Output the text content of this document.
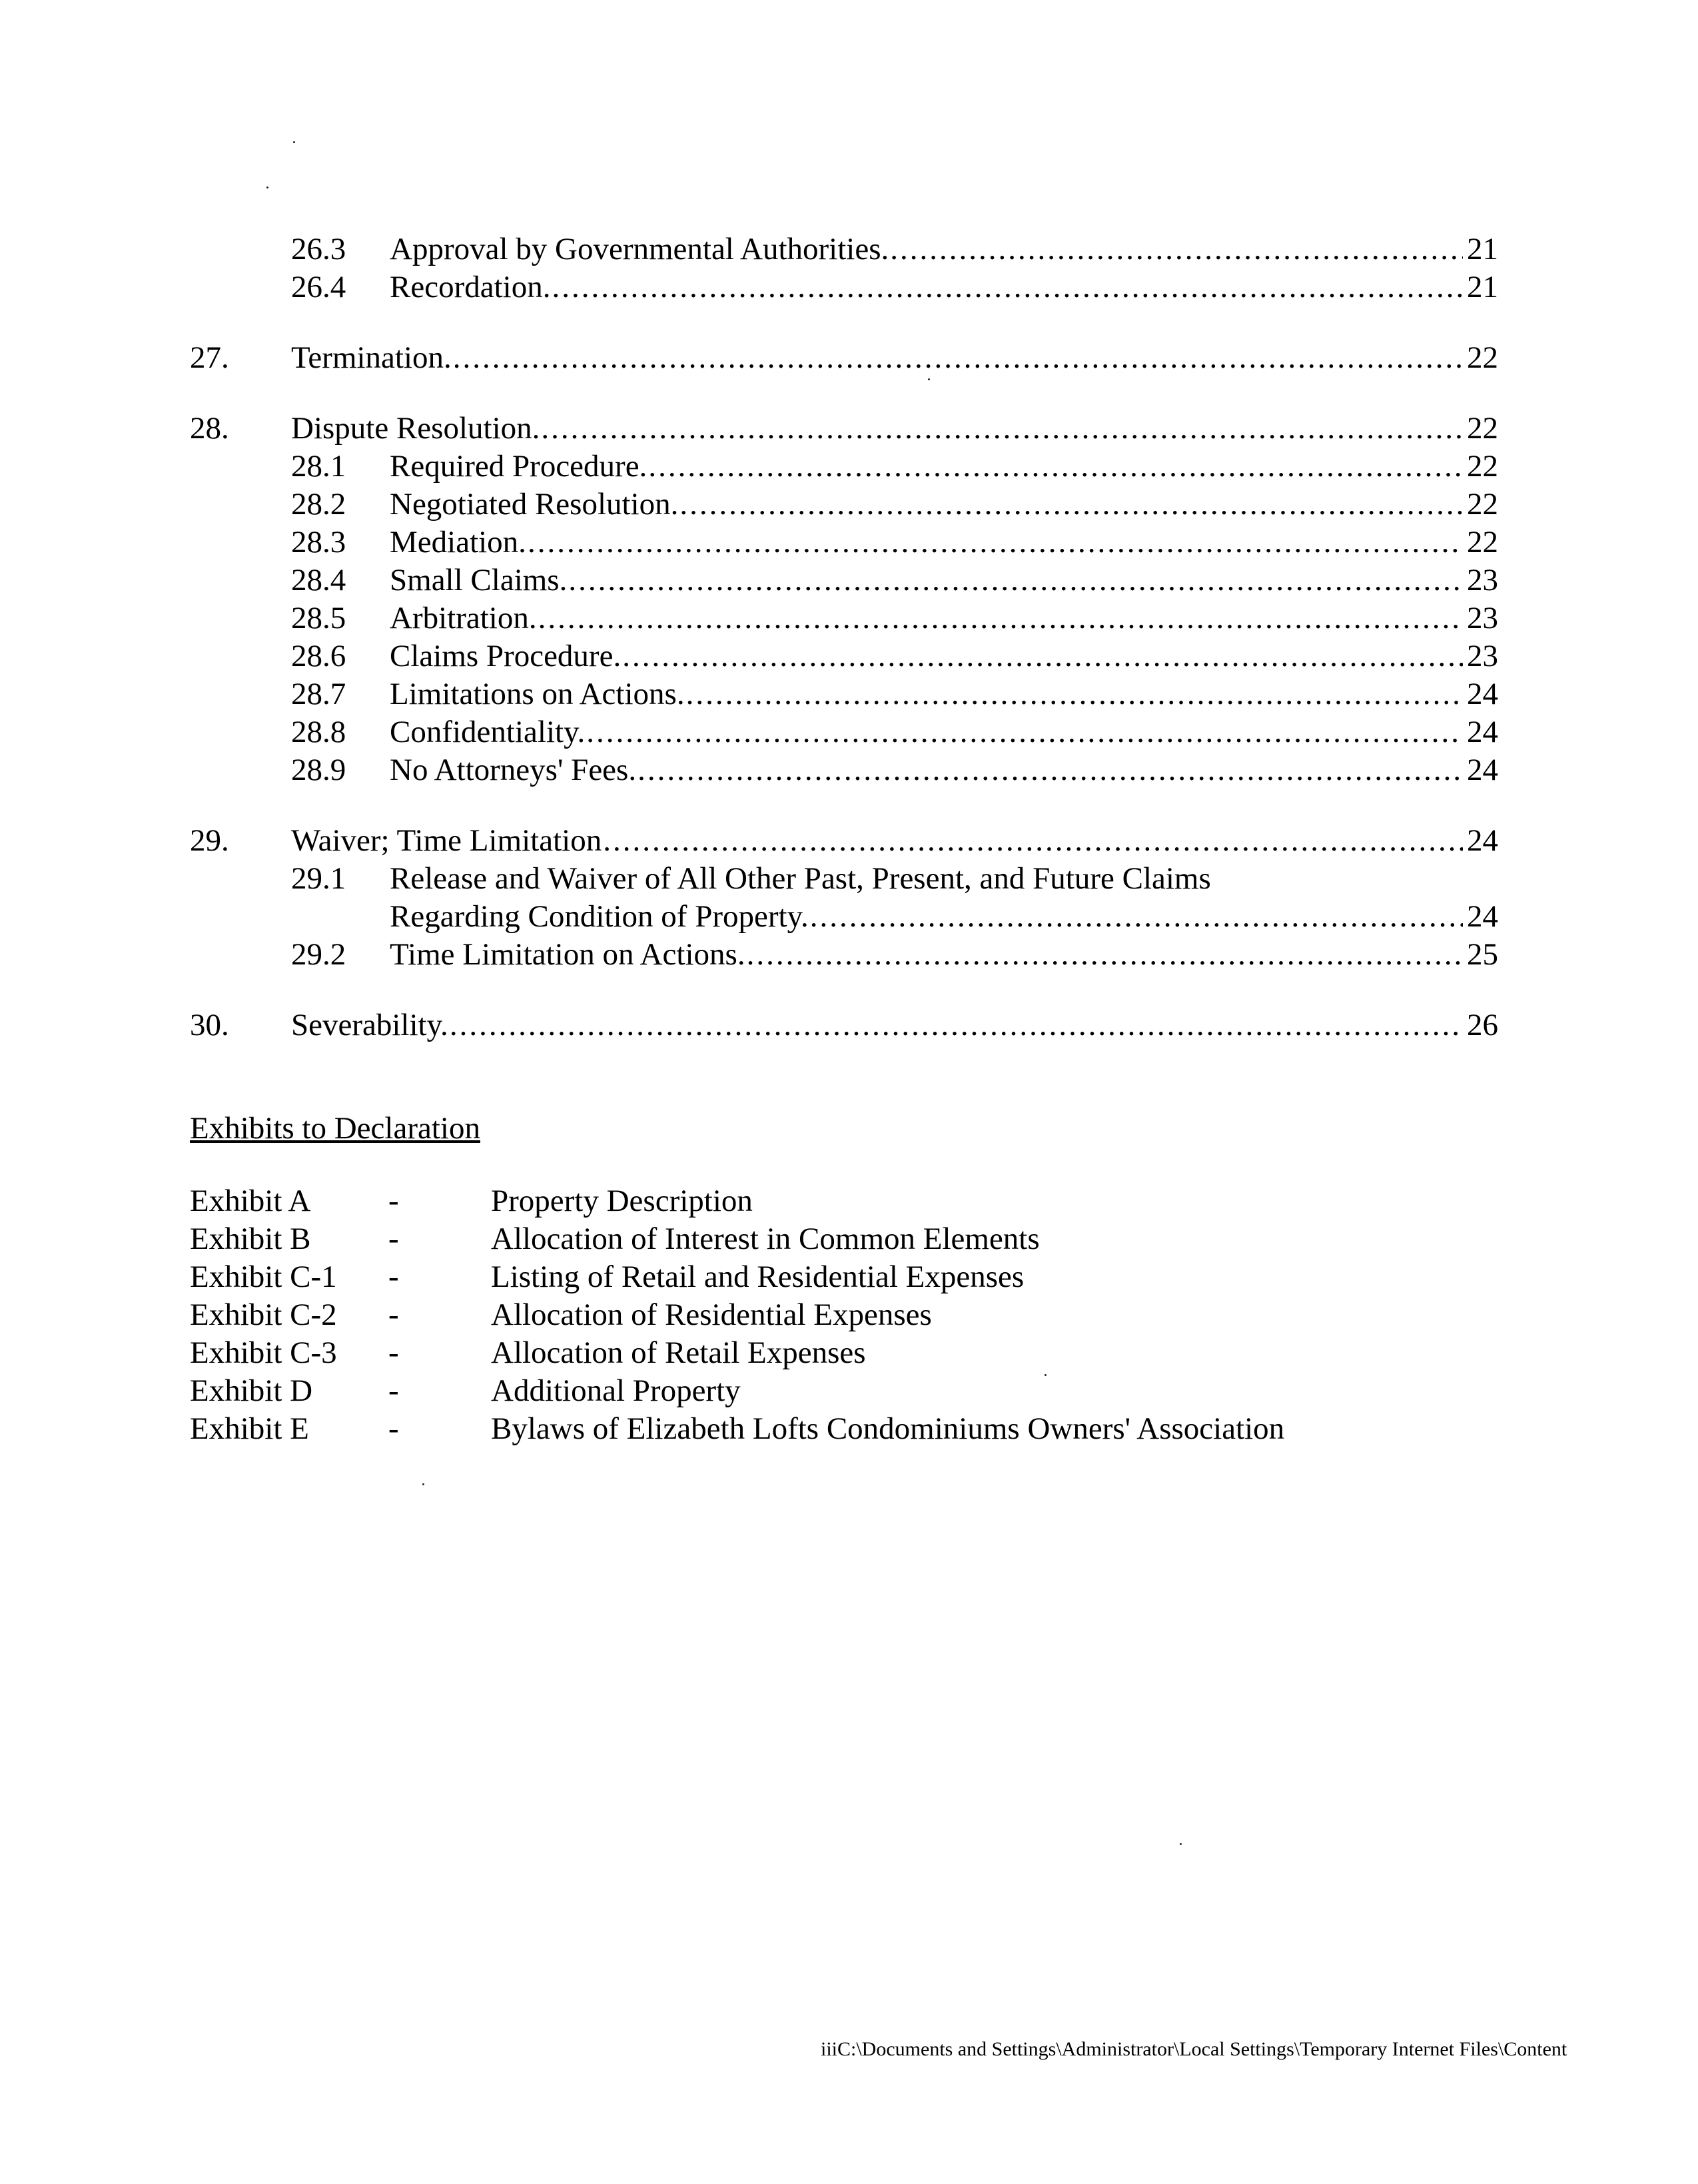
26.3 Approval by Governmental Authorities. .....	21
26.4 Recordation. .....	21
27. Termination. .....	22
28. Dispute Resolution. .....	22
28.1 Required Procedure. .....	22
28.2 Negotiated Resolution. .....	22
28.3 Mediation. .....	22
28.4 Small Claims. .....	23
28.5 Arbitration. .....	23
28.6 Claims Procedure. .....	23
28.7 Limitations on Actions. .....	24
28.8 Confidentiality. .....	24
28.9 No Attorneys' Fees. .....	24
29. Waiver; Time Limitation .....	24
29.1 Release and Waiver of All Other Past, Present, and Future Claims
Regarding Condition of Property. .....	24
29.2 Time Limitation on Actions. .....	25
30. Severability. .....	26
Exhibits to Declaration
Exhibit A -	Property Description
Exhibit B -	Allocation of Interest in Common Elements
Exhibit C-1 -	Listing of Retail and Residential Expenses
Exhibit C-2 -	Allocation of Residential Expenses
Exhibit C-3 -	Allocation of Retail Expenses
Exhibit D -	Additional Property
Exhibit E	-	Bylaws of Elizabeth Lofts Condominiums Owners' Association
iiiC:\Documents and Settings\Administrator\Local Settings\Temporary Internet Files\Content
